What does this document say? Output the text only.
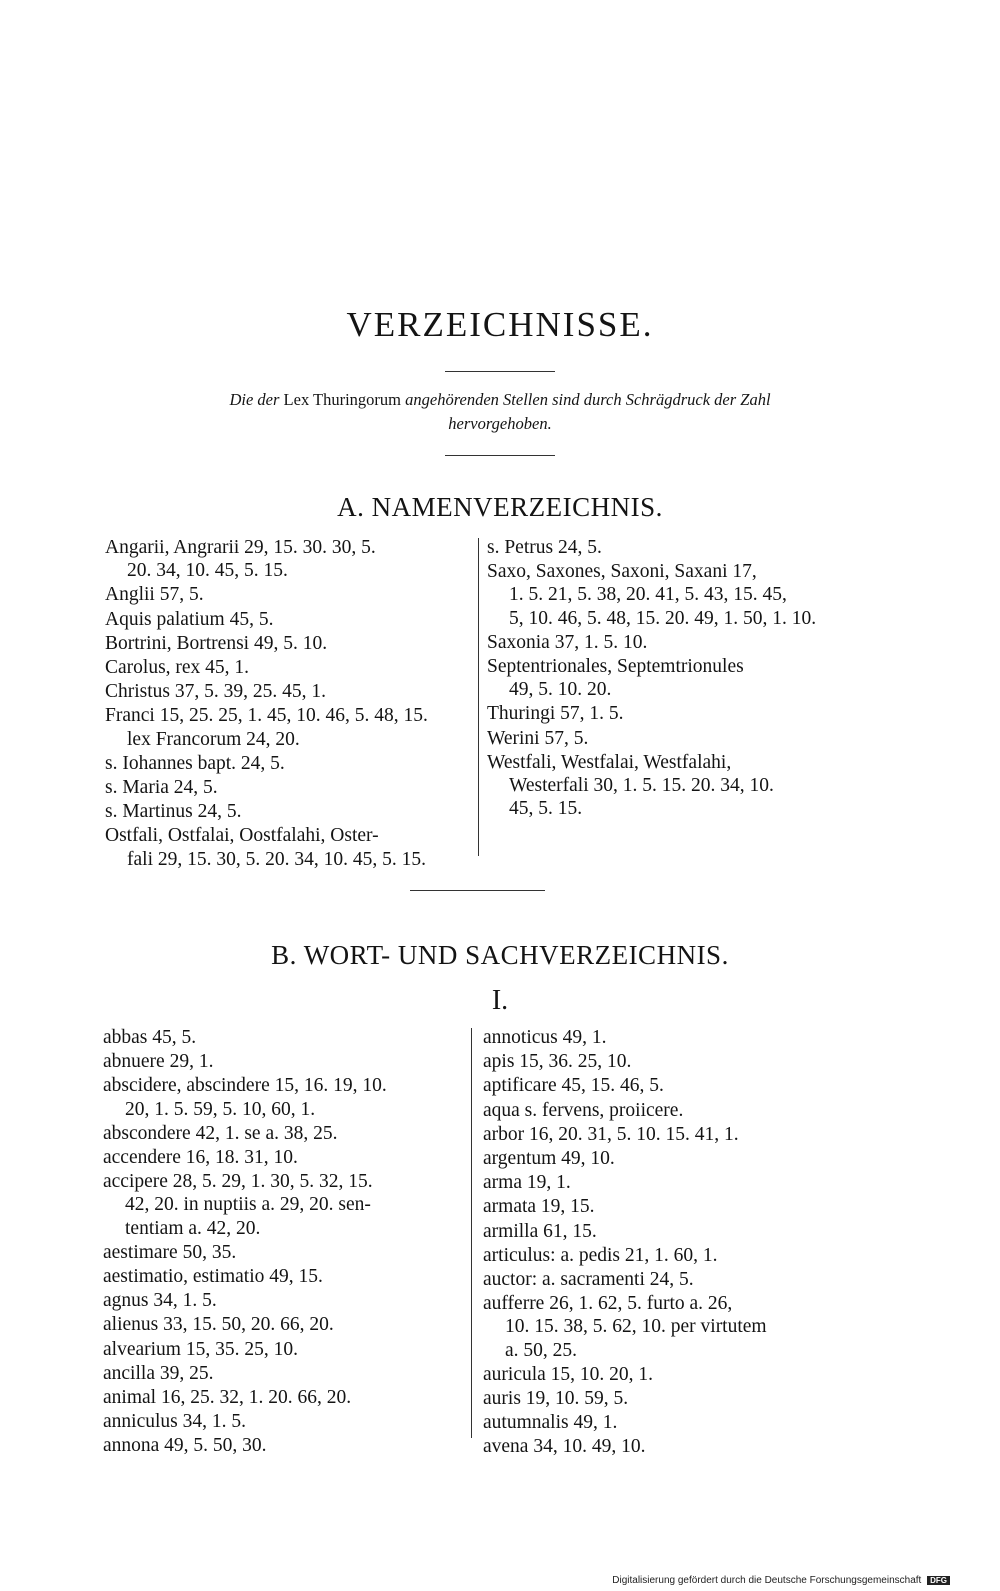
VERZEICHNISSE.
Die der Lex Thuringorum angehörenden Stellen sind durch Schrägdruck der Zahl
hervorgehoben.
A. NAMENVERZEICHNIS.
Angarii, Angrarii 29, 15. 30. 30, 5.
20. 34, 10. 45, 5. 15.
Anglii 57, 5.
Aquis palatium 45, 5.
Bortrini, Bortrensi 49, 5. 10.
Carolus, rex 45, 1.
Christus 37, 5. 39, 25. 45, 1.
Franci 15, 25. 25, 1. 45, 10. 46, 5. 48, 15.
lex Francorum 24, 20.
s. Iohannes bapt. 24, 5.
s. Maria 24, 5.
s. Martinus 24, 5.
Ostfali, Ostfalai, Oostfalahi, Oster-
fali 29, 15. 30, 5. 20. 34, 10. 45, 5. 15.
s. Petrus 24, 5.
Saxo, Saxones, Saxoni, Saxani 17,
1. 5. 21, 5. 38, 20. 41, 5. 43, 15. 45,
5, 10. 46, 5. 48, 15. 20. 49, 1. 50, 1. 10.
Saxonia 37, 1. 5. 10.
Septentrionales, Septemtrionules
49, 5. 10. 20.
Thuringi 57, 1. 5.
Werini 57, 5.
Westfali, Westfalai, Westfalahi,
Westerfali 30, 1. 5. 15. 20. 34, 10.
45, 5. 15.
B. WORT- UND SACHVERZEICHNIS.
I.
abbas 45, 5.
abnuere 29, 1.
abscidere, abscindere 15, 16. 19, 10.
20, 1. 5. 59, 5. 10, 60, 1.
abscondere 42, 1. se a. 38, 25.
accendere 16, 18. 31, 10.
accipere 28, 5. 29, 1. 30, 5. 32, 15.
42, 20. in nuptiis a. 29, 20. sen-
tentiam a. 42, 20.
aestimare 50, 35.
aestimatio, estimatio 49, 15.
agnus 34, 1. 5.
alienus 33, 15. 50, 20. 66, 20.
alvearium 15, 35. 25, 10.
ancilla 39, 25.
animal 16, 25. 32, 1. 20. 66, 20.
anniculus 34, 1. 5.
annona 49, 5. 50, 30.
annoticus 49, 1.
apis 15, 36. 25, 10.
aptificare 45, 15. 46, 5.
aqua s. fervens, proiicere.
arbor 16, 20. 31, 5. 10. 15. 41, 1.
argentum 49, 10.
arma 19, 1.
armata 19, 15.
armilla 61, 15.
articulus: a. pedis 21, 1. 60, 1.
auctor: a. sacramenti 24, 5.
aufferre 26, 1. 62, 5. furto a. 26,
10. 15. 38, 5. 62, 10. per virtutem
a. 50, 25.
auricula 15, 10. 20, 1.
auris 19, 10. 59, 5.
autumnalis 49, 1.
avena 34, 10. 49, 10.
Digitalisierung gefördert durch die Deutsche Forschungsgemeinschaft DFG
